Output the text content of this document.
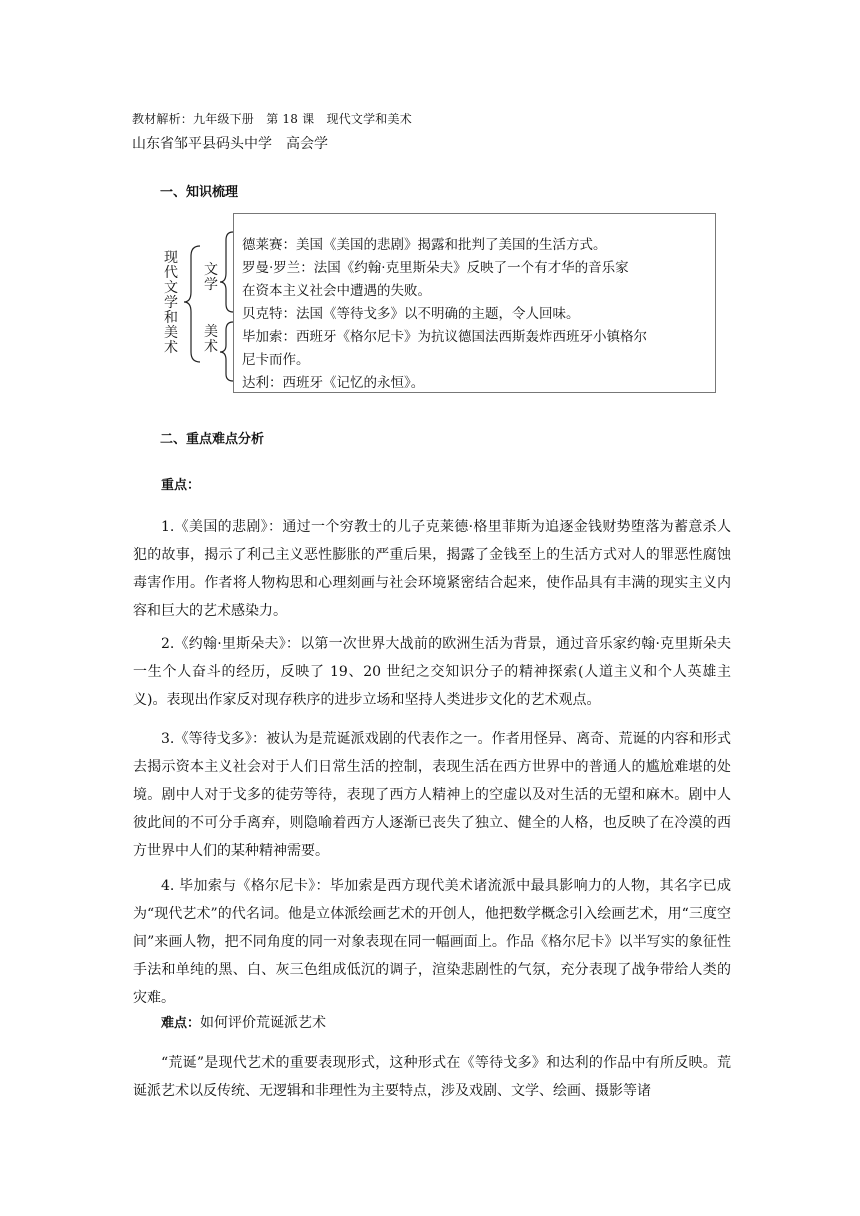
教材解析：九年级下册　第 18 课　现代文学和美术
山东省邹平县码头中学　高会学
一、知识梳理
现代文学和美术
文学
美术
德莱赛：美国《美国的悲剧》揭露和批判了美国的生活方式。
罗曼·罗兰：法国《约翰·克里斯朵夫》反映了一个有才华的音乐家
在资本主义社会中遭遇的失败。
贝克特：法国《等待戈多》以不明确的主题，令人回味。
毕加索：西班牙《格尔尼卡》为抗议德国法西斯轰炸西班牙小镇格尔
尼卡而作。
达利：西班牙《记忆的永恒》。
二、重点难点分析
重点：
1.《美国的悲剧》：通过一个穷教士的儿子克莱德·格里菲斯为追逐金钱财势堕落为蓄意杀人犯的故事，揭示了利己主义恶性膨胀的严重后果，揭露了金钱至上的生活方式对人的罪恶性腐蚀毒害作用。作者将人物构思和心理刻画与社会环境紧密结合起来，使作品具有丰满的现实主义内容和巨大的艺术感染力。
2.《约翰·里斯朵夫》：以第一次世界大战前的欧洲生活为背景，通过音乐家约翰·克里斯朵夫一生个人奋斗的经历，反映了 19、20 世纪之交知识分子的精神探索(人道主义和个人英雄主义)。表现出作家反对现存秩序的进步立场和坚持人类进步文化的艺术观点。
3.《等待戈多》：被认为是荒诞派戏剧的代表作之一。作者用怪异、离奇、荒诞的内容和形式去揭示资本主义社会对于人们日常生活的控制，表现生活在西方世界中的普通人的尴尬难堪的处境。剧中人对于戈多的徒劳等待，表现了西方人精神上的空虚以及对生活的无望和麻木。剧中人彼此间的不可分手离弃，则隐喻着西方人逐渐已丧失了独立、健全的人格，也反映了在冷漠的西方世界中人们的某种精神需要。
4. 毕加索与《格尔尼卡》：毕加索是西方现代美术诸流派中最具影响力的人物，其名字已成为“现代艺术”的代名词。他是立体派绘画艺术的开创人，他把数学概念引入绘画艺术，用“三度空间”来画人物，把不同角度的同一对象表现在同一幅画面上。作品《格尔尼卡》以半写实的象征性手法和单纯的黑、白、灰三色组成低沉的调子，渲染悲剧性的气氛，充分表现了战争带给人类的灾难。
难点：如何评价荒诞派艺术
“荒诞”是现代艺术的重要表现形式，这种形式在《等待戈多》和达利的作品中有所反映。荒诞派艺术以反传统、无逻辑和非理性为主要特点，涉及戏剧、文学、绘画、摄影等诸
